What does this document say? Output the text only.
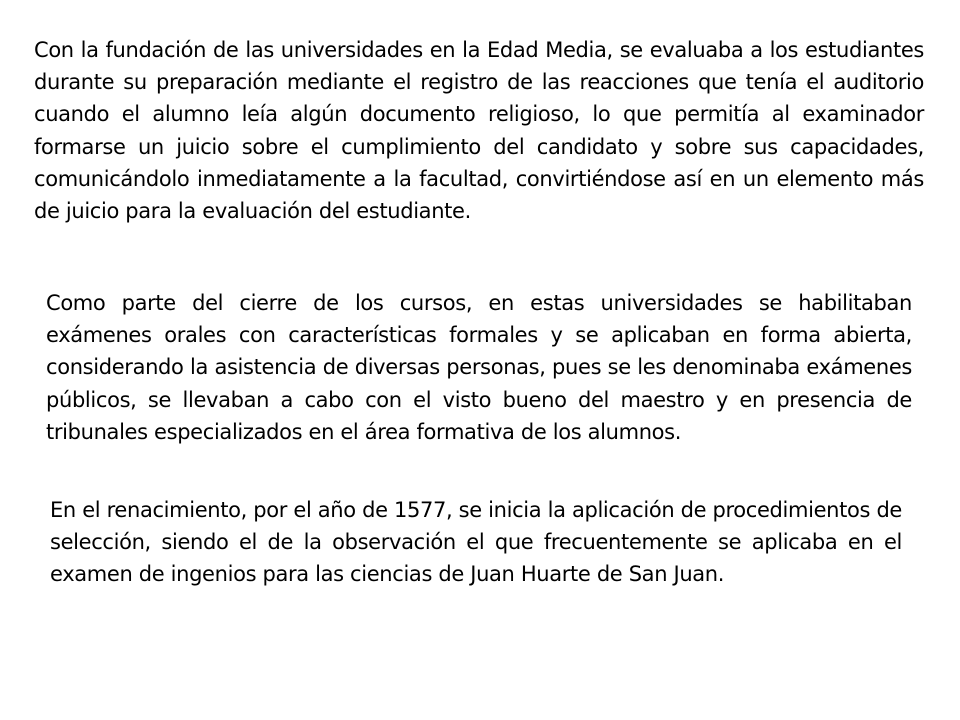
Con la fundación de las universidades en la Edad Media, se evaluaba a los estudiantes durante su preparación mediante el registro de las reacciones que tenía el auditorio cuando el alumno leía algún documento religioso, lo que permitía al examinador formarse un juicio sobre el cumplimiento del candidato y sobre sus capacidades, comunicándolo inmediatamente a la facultad, convirtiéndose así en un elemento más de juicio para la evaluación del estudiante.

Como parte del cierre de los cursos, en estas universidades se habilitaban exámenes orales con características formales y se aplicaban en forma abierta, considerando la asistencia de diversas personas, pues se les denominaba exámenes públicos, se llevaban a cabo con el visto bueno del maestro y en presencia de tribunales especializados en el área formativa de los alumnos.

En el renacimiento, por el año de 1577, se inicia la aplicación de procedimientos de selección, siendo el de la observación el que frecuentemente se aplicaba en el examen de ingenios para las ciencias de Juan Huarte de San Juan.
